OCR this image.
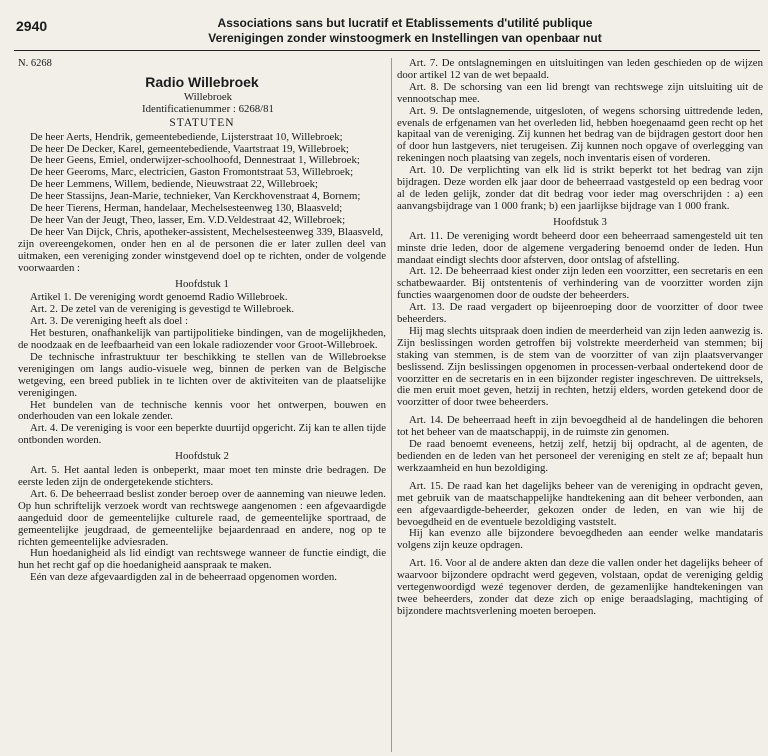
2940	Associations sans but lucratif et Etablissements d'utilité publique
Verenigingen zonder winstoogmerk en Instellingen van openbaar nut
N. 6268
Radio Willebroek

Willebroek

Identificatienummer : 6268/81

STATUTEN

De heer Aerts, Hendrik, gemeentebediende, Lijsterstraat 10, Willebroek;

De heer De Decker, Karel, gemeentebediende, Vaartstraat 19, Willebroek;

De heer Geens, Emiel, onderwijzer-schoolhoofd, Dennestraat 1, Willebroek;

De heer Geeroms, Marc, electricien, Gaston Fromontstraat 53, Willebroek;

De heer Lemmens, Willem, bediende, Nieuwstraat 22, Willebroek;

De heer Stassijns, Jean-Marie, technieker, Van Kerckhovenstraat 4, Bornem;

De heer Tierens, Herman, handelaar, Mechelsesteenweg 130, Blaasveld;

De heer Van der Jeugt, Theo, lasser, Em. V.D.Veldestraat 42, Willebroek;

De heer Van Dijck, Chris, apotheker-assistent, Mechelsesteenweg 339, Blaasveld,

zijn overeengekomen, onder hen en al de personen die er later zullen deel van uitmaken, een vereniging zonder winstgevend doel op te richten, onder de volgende voorwaarden :

Hoofdstuk 1

Artikel 1. De vereniging wordt genoemd Radio Willebroek.

Art. 2. De zetel van de vereniging is gevestigd te Willebroek.

Art. 3. De vereniging heeft als doel :

Het besturen, onafhankelijk van partijpolitieke bindingen, van de mogelijkheden, de noodzaak en de leefbaarheid van een lokale radiozender voor Groot-Willebroek.

De technische infrastruktuur ter beschikking te stellen van de Willebroekse verenigingen om langs audio-visuele weg, binnen de perken van de Belgische wetgeving, een breed publiek in te lichten over de aktiviteiten van de plaatselijke verenigingen.

Het bundelen van de technische kennis voor het ontwerpen, bouwen en onderhouden van een lokale zender.

Art. 4. De vereniging is voor een beperkte duurtijd opgericht. Zij kan te allen tijde ontbonden worden.

Hoofdstuk 2

Art. 5. Het aantal leden is onbeperkt, maar moet ten minste drie bedragen. De eerste leden zijn de ondergetekende stichters.

Art. 6. De beheerraad beslist zonder beroep over de aanneming van nieuwe leden. Op hun schriftelijk verzoek wordt van rechtswege aangenomen : een afgevaardigde aangeduid door de gemeentelijke culturele raad, de gemeentelijke sportraad, de gemeentelijke jeugdraad, de gemeentelijke bejaardenraad en andere, nog op te richten gemeentelijke adviesraden.

Hun hoedanigheid als lid eindigt van rechtswege wanneer de functie eindigt, die hun het recht gaf op die hoedanigheid aanspraak te maken.

Eén van deze afgevaardigden zal in de beheerraad opgenomen worden.

Art. 7. De ontslagnemingen en uitsluitingen van leden geschieden op de wijzen door artikel 12 van de wet bepaald.

Art. 8. De schorsing van een lid brengt van rechtswege zijn uitsluiting uit de vennootschap mee.

Art. 9. De ontslagnemende, uitgesloten, of wegens schorsing uittredende leden, evenals de erfgenamen van het overleden lid, hebben hoegenaamd geen recht op het kapitaal van de vereniging. Zij kunnen het bedrag van de bijdragen gestort door hen of door hun lastgevers, niet terugeisen. Zij kunnen noch opgave of overlegging van rekeningen noch plaatsing van zegels, noch inventaris eisen of vorderen.

Art. 10. De verplichting van elk lid is strikt beperkt tot het bedrag van zijn bijdragen. Deze worden elk jaar door de beheerraad vastgesteld op een bedrag voor al de leden gelijk, zonder dat dit bedrag voor ieder mag overschrijden : a) een aanvangsbijdrage van 1 000 frank; b) een jaarlijkse bijdrage van 1 000 frank.

Hoofdstuk 3

Art. 11. De vereniging wordt beheerd door een beheerraad samengesteld uit ten minste drie leden, door de algemene vergadering benoemd onder de leden. Hun mandaat eindigt slechts door afsterven, door ontslag of afstelling.

Art. 12. De beheerraad kiest onder zijn leden een voorzitter, een secretaris en een schatbewaarder. Bij ontstentenis of verhindering van de voorzitter worden zijn functies waargenomen door de oudste der beheerders.

Art. 13. De raad vergadert op bijeenroeping door de voorzitter of door twee beheerders.

Hij mag slechts uitspraak doen indien de meerderheid van zijn leden aanwezig is. Zijn beslissingen worden getroffen bij volstrekte meerderheid van stemmen; bij staking van stemmen, is de stem van de voorzitter of van zijn plaatsvervanger beslissend. Zijn beslissingen opgenomen in processen-verbaal ondertekend door de voorzitter en de secretaris en in een bijzonder register ingeschreven. De uittreksels, die men eruit moet geven, hetzij in rechten, hetzij elders, worden getekend door de voorzitter of door twee beheerders.

Art. 14. De beheerraad heeft in zijn bevoegdheid al de handelingen die behoren tot het beheer van de maatschappij, in de ruimste zin genomen.

De raad benoemt eveneens, hetzij zelf, hetzij bij opdracht, al de agenten, de bedienden en de leden van het personeel der vereniging en stelt ze af; bepaalt hun werkzaamheid en hun bezoldiging.

Art. 15. De raad kan het dagelijks beheer van de vereniging in opdracht geven, met gebruik van de maatschappelijke handtekening aan dit beheer verbonden, aan een afgevaardigde-beheerder, gekozen onder de leden, en van wie hij de bevoegdheid en de eventuele bezoldiging vaststelt.

Hij kan evenzo alle bijzondere bevoegdheden aan eender welke mandataris volgens zijn keuze opdragen.

Art. 16. Voor al de andere akten dan deze die vallen onder het dagelijks beheer of waarvoor bijzondere opdracht werd gegeven, volstaan, opdat de vereniging geldig vertegenwoordigd wezé tegenover derden, de gezamenlijke handtekeningen van twee beheerders, zonder dat deze zich op enige beraadslaging, machtiging of bijzondere machtsverlening moeten beroepen.
